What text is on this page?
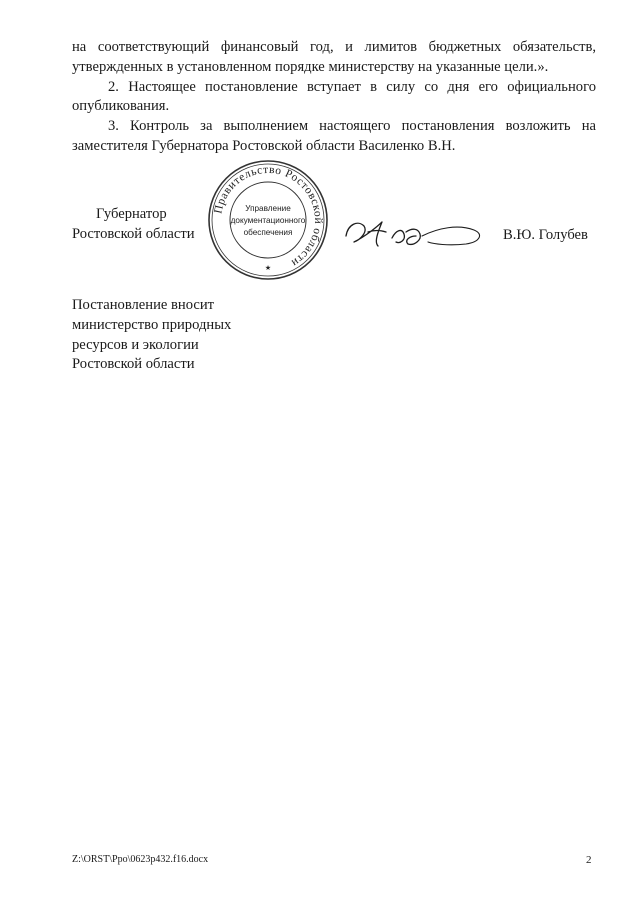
на соответствующий финансовый год, и лимитов бюджетных обязательств, утвержденных в установленном порядке министерству на указанные цели.».

2. Настоящее постановление вступает в силу со дня его официального опубликования.

3. Контроль за выполнением настоящего постановления возложить на заместителя Губернатора Ростовской области Василенко В.Н.

Губернатор
Ростовской области
Правительство Ростовской области
Управление
документационного
обеспечения
★
В.Ю. Голубев
Постановление вносит
министерство природных
ресурсов и экологии
Ростовской области
Z:\ORST\Ppo\0623p432.f16.docx	2
